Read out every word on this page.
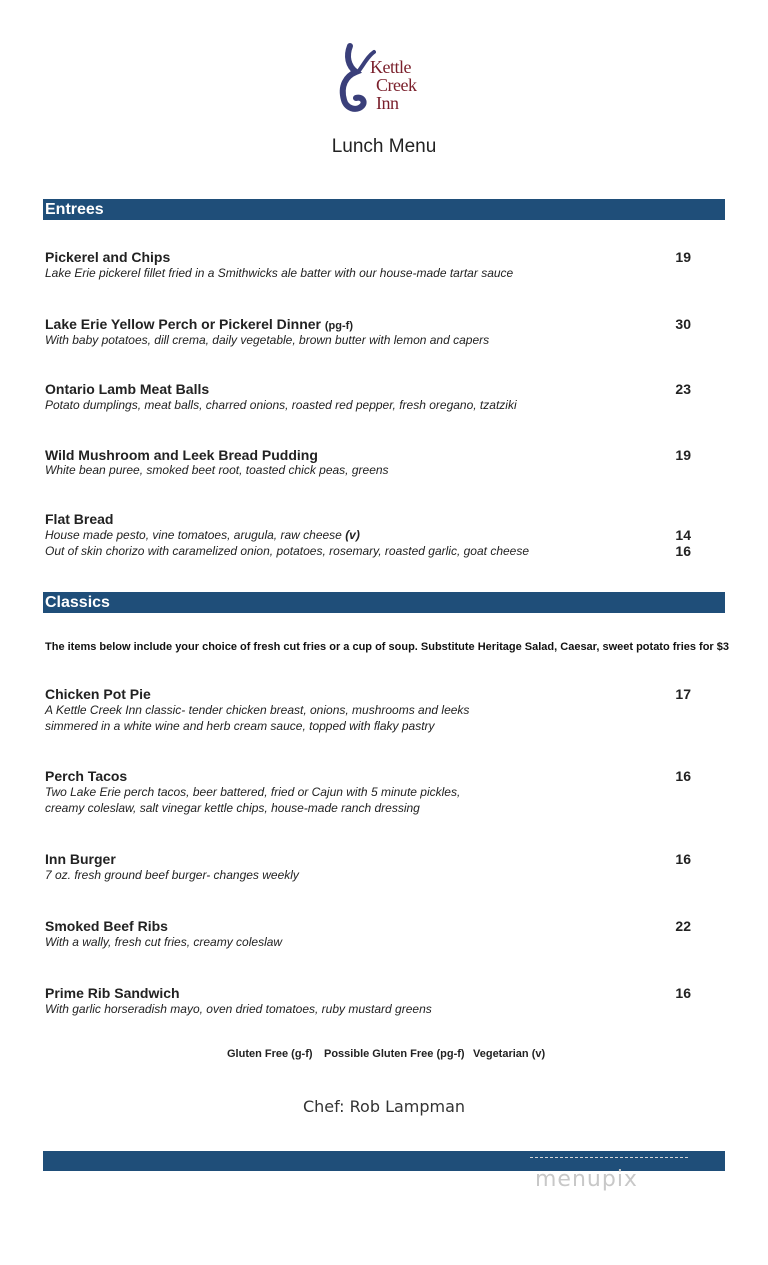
Kettle
Creek
Inn
Lunch Menu
Entrees
Pickerel and Chips
Lake Erie pickerel fillet fried in a Smithwicks ale batter with our house-made tartar sauce
19
Lake Erie Yellow Perch or Pickerel Dinner (pg-f)
With baby potatoes, dill crema, daily vegetable, brown butter with lemon and capers
30
Ontario Lamb Meat Balls
Potato dumplings, meat balls, charred onions, roasted red pepper, fresh oregano, tzatziki
23
Wild Mushroom and Leek Bread Pudding
White bean puree, smoked beet root, toasted chick peas, greens
19
Flat Bread
House made pesto, vine tomatoes, arugula, raw cheese (v)	14
Out of skin chorizo with caramelized onion, potatoes, rosemary, roasted garlic, goat cheese	16
Classics
The items below include your choice of fresh cut fries or a cup of soup. Substitute Heritage Salad, Caesar, sweet potato fries for $3
Chicken Pot Pie
A Kettle Creek Inn classic- tender chicken breast, onions, mushrooms and leeks
simmered in a white wine and herb cream sauce, topped with flaky pastry
17
Perch Tacos
Two Lake Erie perch tacos, beer battered, fried or Cajun with 5 minute pickles,
creamy coleslaw, salt vinegar kettle chips, house-made ranch dressing
16
Inn Burger
7 oz. fresh ground beef burger- changes weekly
16
Smoked Beef Ribs
With a wally, fresh cut fries, creamy coleslaw
22
Prime Rib Sandwich
With garlic horseradish mayo, oven dried tomatoes, ruby mustard greens
16
Gluten Free (g-f) Possible Gluten Free (pg-f) Vegetarian (v)
Chef: Rob Lampman
menupix
